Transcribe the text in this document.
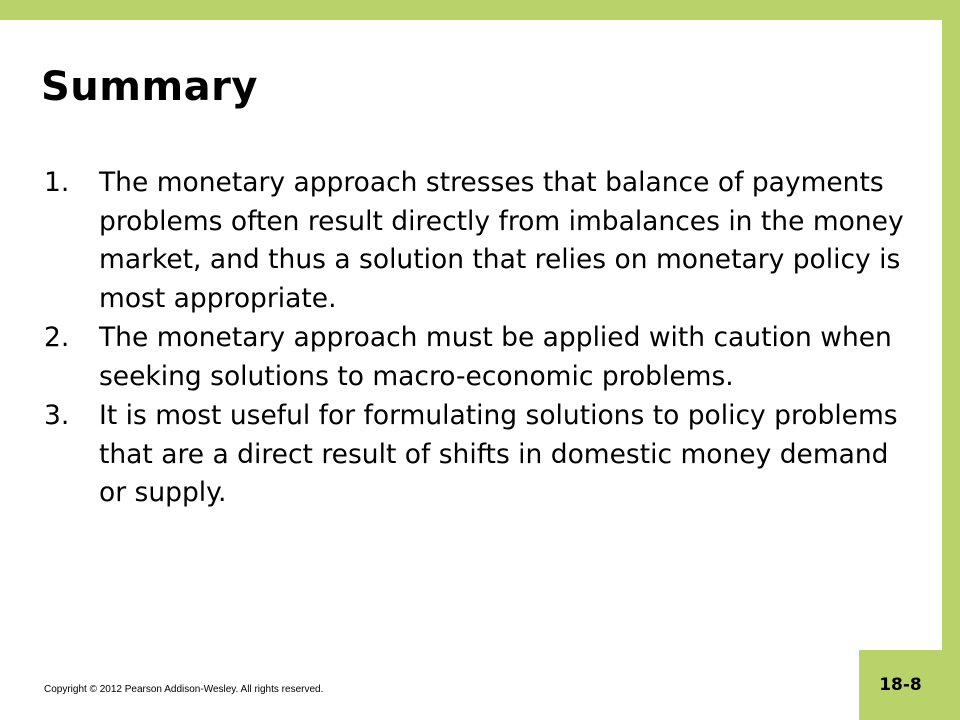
Summary
1.	The monetary approach stresses that balance of payments problems often result directly from imbalances in the money market, and thus a solution that relies on monetary policy is most appropriate.
2.	The monetary approach must be applied with caution when seeking solutions to macro-economic problems.
3.	It is most useful for formulating solutions to policy problems that are a direct result of shifts in domestic money demand or supply.
Copyright © 2012 Pearson Addison-Wesley. All rights reserved.	18-8
